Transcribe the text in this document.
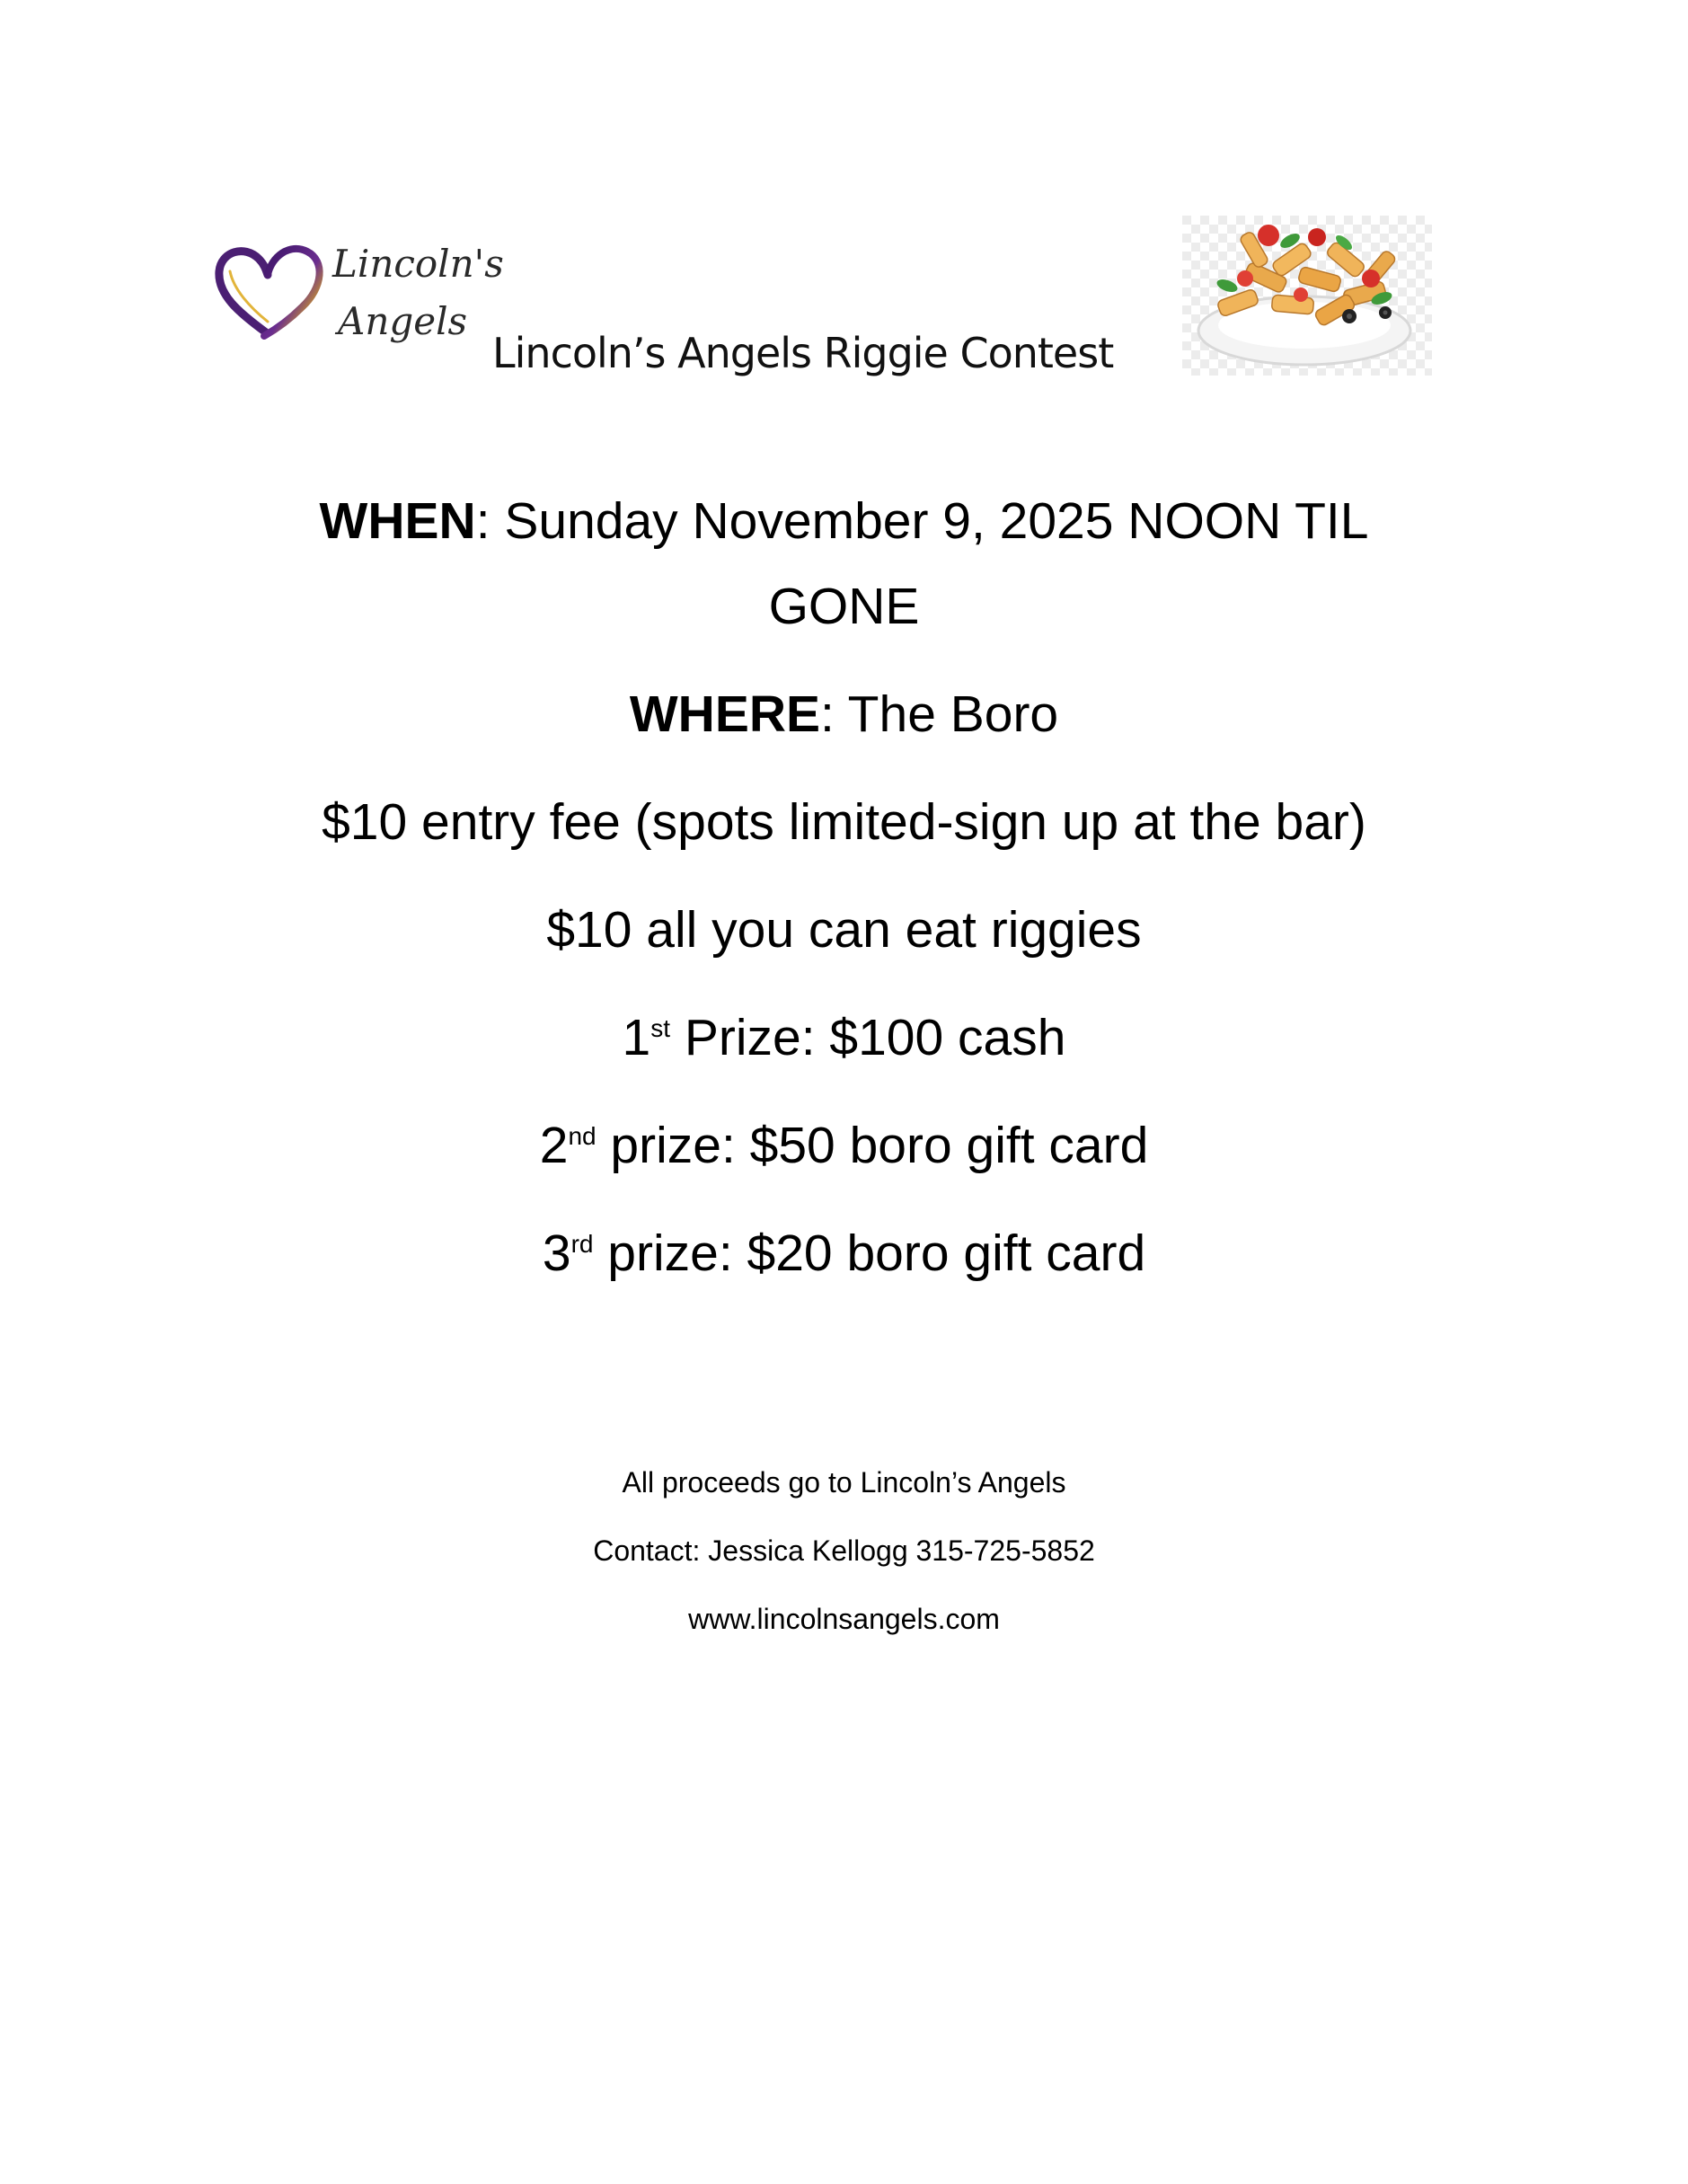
Lincoln's
Angels
Lincoln’s Angels Riggie Contest

WHEN: Sunday November 9, 2025 NOON TIL

GONE

WHERE: The Boro

$10 entry fee (spots limited-sign up at the bar)

$10 all you can eat riggies

1st Prize: $100 cash

2nd prize: $50 boro gift card

3rd prize: $20 boro gift card

All proceeds go to Lincoln’s Angels

Contact: Jessica Kellogg 315-725-5852

www.lincolnsangels.com
